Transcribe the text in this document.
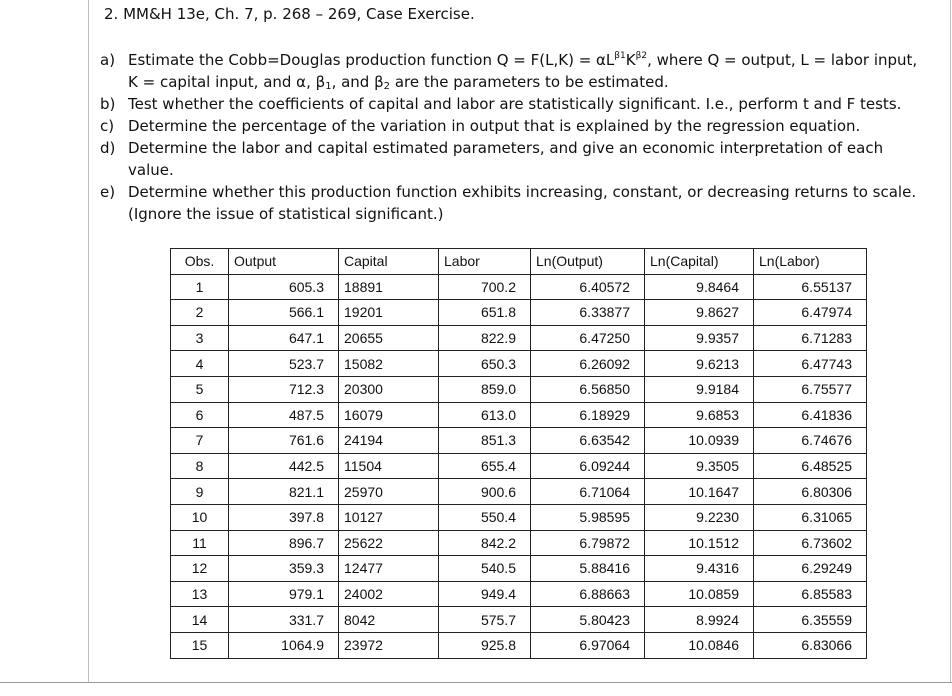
2. MM&H 13e, Ch. 7, p. 268 – 269, Case Exercise.
a) Estimate the Cobb=Douglas production function $Q = F(L,K) = \alpha L^{\beta 1}K^{\beta 2}$, where Q = output, L = labor input,
K = capital input, and α, $\beta_1$, and $\beta_2$ are the parameters to be estimated.
b) Test whether the coefficients of capital and labor are statistically significant. I.e., perform t and F tests.
c) Determine the percentage of the variation in output that is explained by the regression equation.
d) Determine the labor and capital estimated parameters, and give an economic interpretation of each value.
e) Determine whether this production function exhibits increasing, constant, or decreasing returns to scale. (Ignore the issue of statistical significant.)
Obs.	Output	Capital	Labor	Ln(Output)	Ln(Capital)	Ln(Labor)
1	605.3	18891	700.2	6.40572	9.8464	6.55137
2	566.1	19201	651.8	6.33877	9.8627	6.47974
3	647.1	20655	822.9	6.47250	9.9357	6.71283
4	523.7	15082	650.3	6.26092	9.6213	6.47743
5	712.3	20300	859.0	6.56850	9.9184	6.75577
6	487.5	16079	613.0	6.18929	9.6853	6.41836
7	761.6	24194	851.3	6.63542	10.0939	6.74676
8	442.5	11504	655.4	6.09244	9.3505	6.48525
9	821.1	25970	900.6	6.71064	10.1647	6.80306
10	397.8	10127	550.4	5.98595	9.2230	6.31065
11	896.7	25622	842.2	6.79872	10.1512	6.73602
12	359.3	12477	540.5	5.88416	9.4316	6.29249
13	979.1	24002	949.4	6.88663	10.0859	6.85583
14	331.7	8042	575.7	5.80423	8.9924	6.35559
15	1064.9	23972	925.8	6.97064	10.0846	6.83066
